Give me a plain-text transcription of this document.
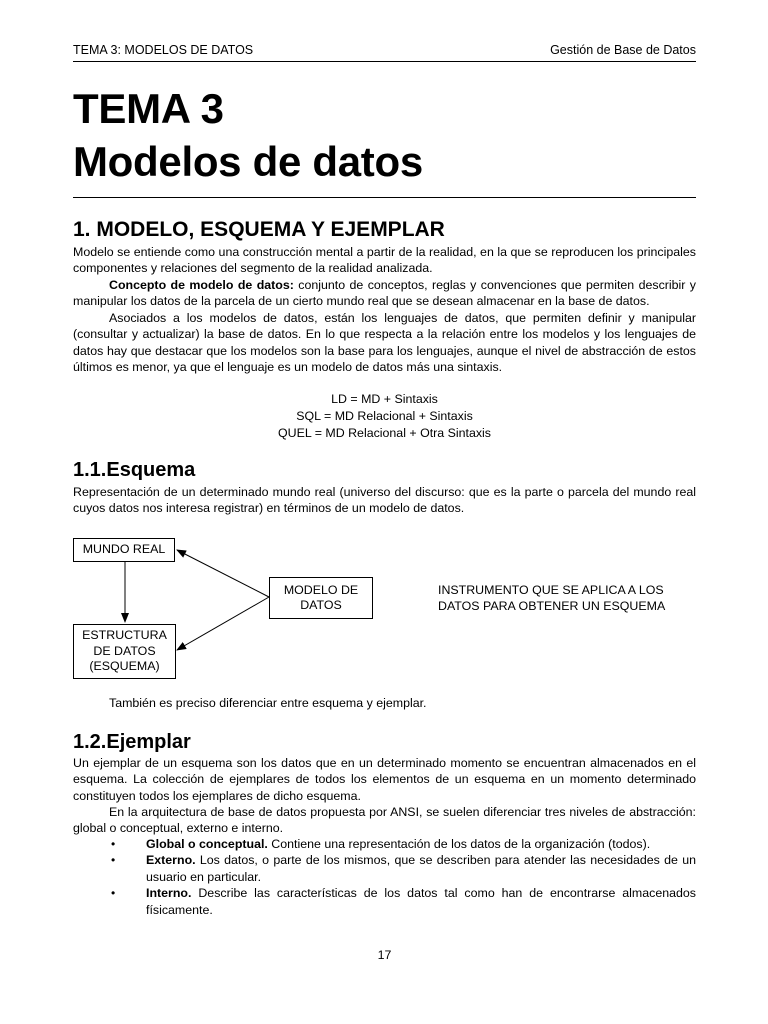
TEMA 3: MODELOS DE DATOS	Gestión de Base de Datos
TEMA 3
Modelos de datos
1. MODELO, ESQUEMA Y EJEMPLAR

Modelo se entiende como una construcción mental a partir de la realidad, en la que se reproducen los principales componentes y relaciones del segmento de la realidad analizada.

Concepto de modelo de datos: conjunto de conceptos, reglas y convenciones que permiten describir y manipular los datos de la parcela de un cierto mundo real que se desean almacenar en la base de datos.

Asociados a los modelos de datos, están los lenguajes de datos, que permiten definir y manipular (consultar y actualizar) la base de datos. En lo que respecta a la relación entre los modelos y los lenguajes de datos hay que destacar que los modelos son la base para los lenguajes, aunque el nivel de abstracción de estos últimos es menor, ya que el lenguaje es un modelo de datos más una sintaxis.

LD = MD + Sintaxis
SQL = MD Relacional + Sintaxis
QUEL = MD Relacional + Otra Sintaxis
1.1.Esquema

Representación de un determinado mundo real (universo del discurso: que es la parte o parcela del mundo real cuyos datos nos interesa registrar) en términos de un modelo de datos.

MUNDO REAL
MODELO DE
DATOS
ESTRUCTURA
DE DATOS
(ESQUEMA)
INSTRUMENTO QUE SE APLICA A LOS
DATOS PARA OBTENER UN ESQUEMA

También es preciso diferenciar entre esquema y ejemplar.

1.2.Ejemplar

Un ejemplar de un esquema son los datos que en un determinado momento se encuentran almacenados en el esquema. La colección de ejemplares de todos los elementos de un esquema en un momento determinado constituyen todos los ejemplares de dicho esquema.

En la arquitectura de base de datos propuesta por ANSI, se suelen diferenciar tres niveles de abstracción: global o conceptual, externo e interno.

• Global o conceptual. Contiene una representación de los datos de la organización (todos).
• Externo. Los datos, o parte de los mismos, que se describen para atender las necesidades de un usuario en particular.
• Interno. Describe las características de los datos tal como han de encontrarse almacenados físicamente.
17
